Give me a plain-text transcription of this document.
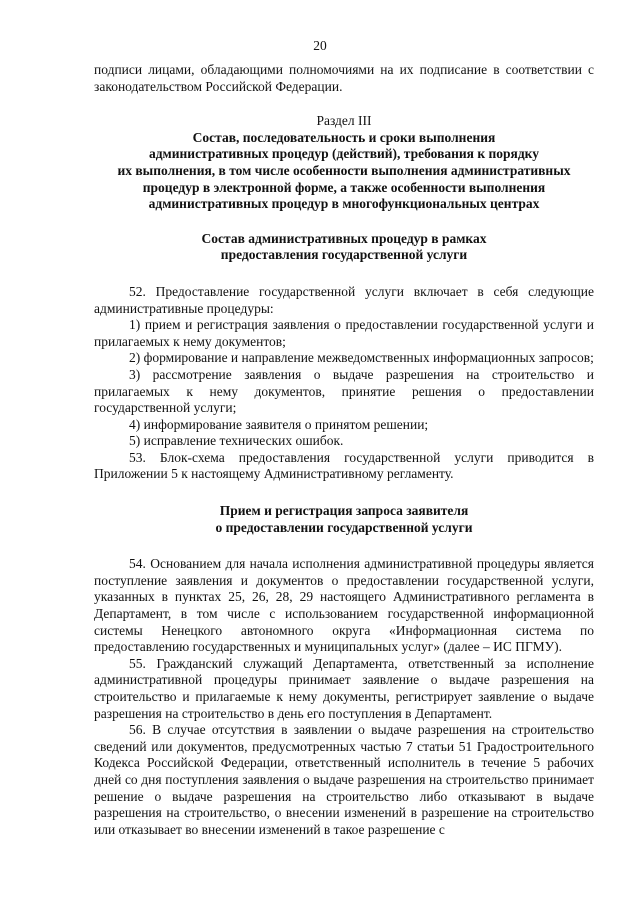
20

подписи лицами, обладающими полномочиями на их подписание в соответствии с законодательством Российской Федерации.

Раздел III

Состав, последовательность и сроки выполнения

административных процедур (действий), требования к порядку

их выполнения, в том числе особенности выполнения административных

процедур в электронной форме, а также особенности выполнения

административных процедур в многофункциональных центрах

Состав административных процедур в рамках

предоставления государственной услуги

52. Предоставление государственной услуги включает в себя следующие административные процедуры:

1) прием и регистрация заявления о предоставлении государственной услуги и прилагаемых к нему документов;

2) формирование и направление межведомственных информационных запросов;

3) рассмотрение заявления о выдаче разрешения на строительство и прилагаемых к нему документов, принятие решения о предоставлении государственной услуги;

4) информирование заявителя о принятом решении;

5) исправление технических ошибок.

53. Блок-схема предоставления государственной услуги приводится в Приложении 5 к настоящему Административному регламенту.

Прием и регистрация запроса заявителя

о предоставлении государственной услуги

54. Основанием для начала исполнения административной процедуры является поступление заявления и документов о предоставлении государственной услуги, указанных в пунктах 25, 26, 28, 29 настоящего Административного регламента в Департамент, в том числе с использованием государственной информационной системы Ненецкого автономного округа «Информационная система по предоставлению государственных и муниципальных услуг» (далее – ИС ПГМУ).

55. Гражданский служащий Департамента, ответственный за исполнение административной процедуры принимает заявление о выдаче разрешения на строительство и прилагаемые к нему документы, регистрирует заявление о выдаче разрешения на строительство в день его поступления в Департамент.

56. В случае отсутствия в заявлении о выдаче разрешения на строительство сведений или документов, предусмотренных частью 7 статьи 51 Градостроительного Кодекса Российской Федерации, ответственный исполнитель в течение 5 рабочих дней со дня поступления заявления о выдаче разрешения на строительство принимает решение о выдаче разрешения на строительство либо отказывают в выдаче разрешения на строительство, о внесении изменений в разрешение на строительство или отказывает во внесении изменений в такое разрешение с
